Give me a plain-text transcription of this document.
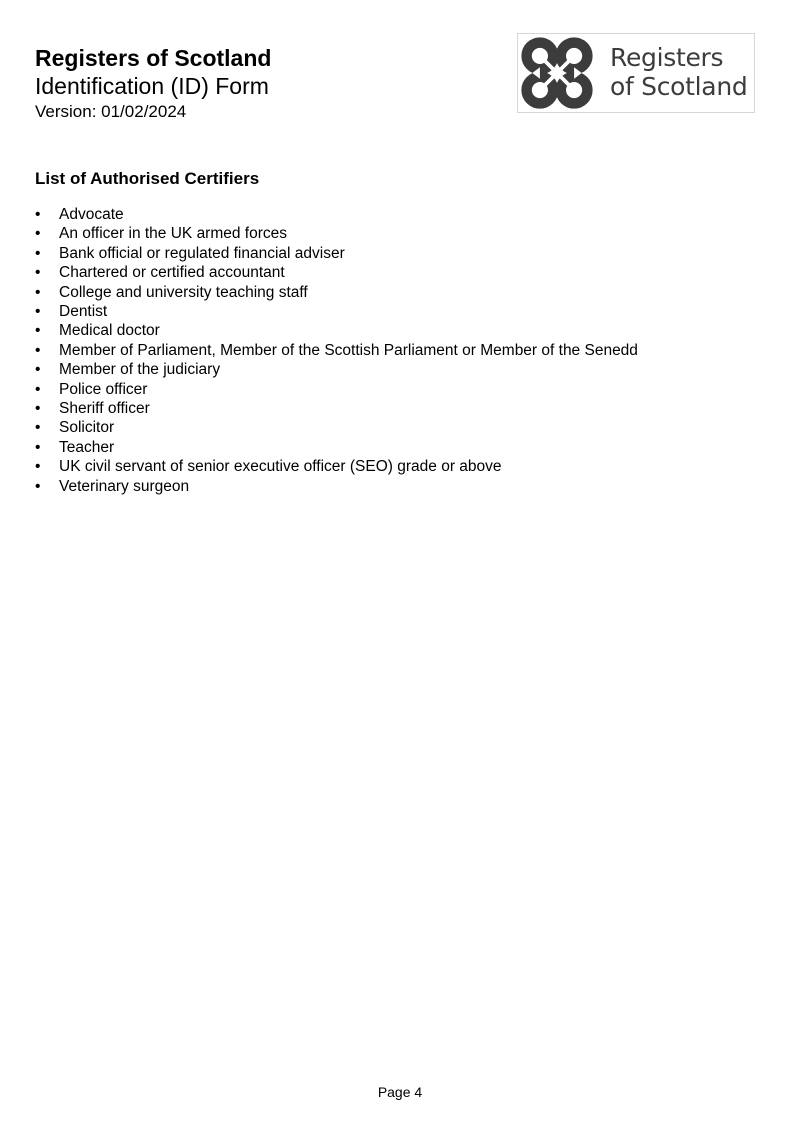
Registers of Scotland
Identification (ID) Form
Version: 01/02/2024
Registers
of Scotland
List of Authorised Certifiers
• Advocate
• An officer in the UK armed forces
• Bank official or regulated financial adviser
• Chartered or certified accountant
• College and university teaching staff
• Dentist
• Medical doctor
• Member of Parliament, Member of the Scottish Parliament or Member of the Senedd
• Member of the judiciary
• Police officer
• Sheriff officer
• Solicitor
• Teacher
• UK civil servant of senior executive officer (SEO) grade or above
• Veterinary surgeon
Page 4
